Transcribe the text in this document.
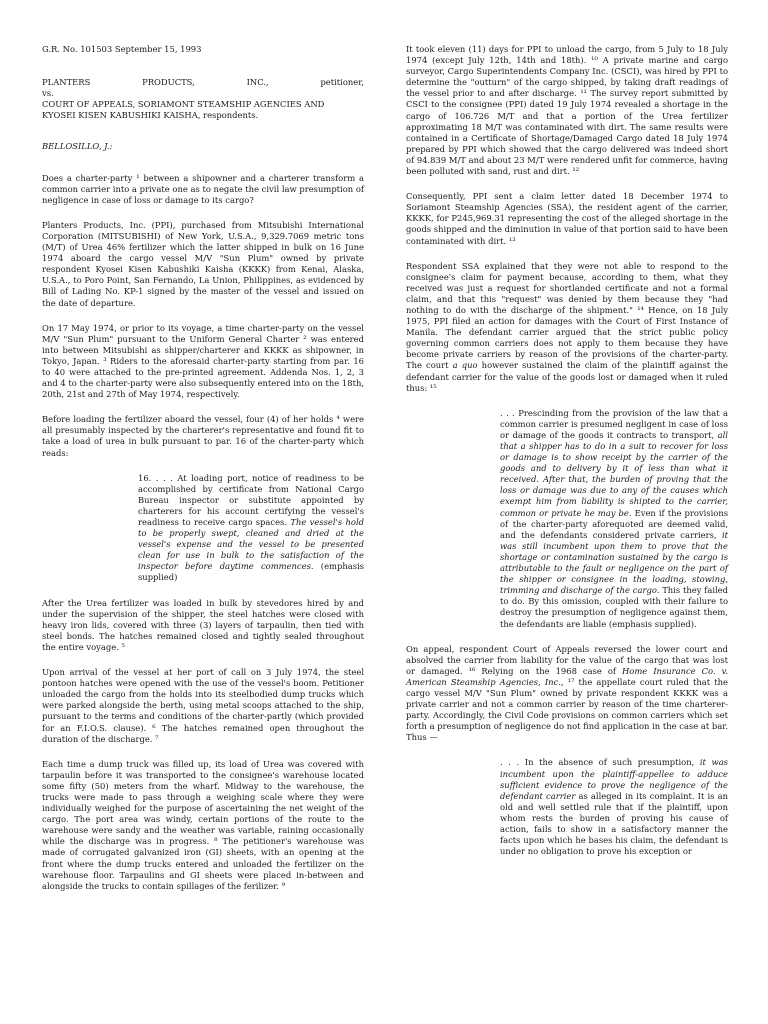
G.R. No. 101503 September 15, 1993

PLANTERS	PRODUCTS,	INC.,	petitioner,

vs.

COURT OF APPEALS, SORIAMONT STEAMSHIP AGENCIES AND

KYOSEI KISEN KABUSHIKI KAISHA, respondents.

BELLOSILLO, J.:

Does a charter-party ¹ between a shipowner and a charterer transform a common carrier into a private one as to negate the civil law presumption of negligence in case of loss or damage to its cargo?

Planters Products, Inc. (PPI), purchased from Mitsubishi International Corporation (MITSUBISHI) of New York, U.S.A., 9,329.7069 metric tons (M/T) of Urea 46% fertilizer which the latter shipped in bulk on 16 June 1974 aboard the cargo vessel M/V "Sun Plum" owned by private respondent Kyosei Kisen Kabushiki Kaisha (KKKK) from Kenai, Alaska, U.S.A., to Poro Point, San Fernando, La Union, Philippines, as evidenced by Bill of Lading No. KP-1 signed by the master of the vessel and issued on the date of departure.

On 17 May 1974, or prior to its voyage, a time charter-party on the vessel M/V "Sun Plum" pursuant to the Uniform General Charter ² was entered into between Mitsubishi as shipper/charterer and KKKK as shipowner, in Tokyo, Japan. ³ Riders to the aforesaid charter-party starting from par. 16 to 40 were attached to the pre-printed agreement. Addenda Nos. 1, 2, 3 and 4 to the charter-party were also subsequently entered into on the 18th, 20th, 21st and 27th of May 1974, respectively.

Before loading the fertilizer aboard the vessel, four (4) of her holds ⁴ were all presumably inspected by the charterer's representative and found fit to take a load of urea in bulk pursuant to par. 16 of the charter-party which reads:

16. . . . At loading port, notice of readiness to be accomplished by certificate from National Cargo Bureau inspector or substitute appointed by charterers for his account certifying the vessel's readiness to receive cargo spaces. The vessel's hold to be properly swept, cleaned and dried at the vessel's expense and the vessel to be presented clean for use in bulk to the satisfaction of the inspector before daytime commences. (emphasis supplied)

After the Urea fertilizer was loaded in bulk by stevedores hired by and under the supervision of the shipper, the steel hatches were closed with heavy iron lids, covered with three (3) layers of tarpaulin, then tied with steel bonds. The hatches remained closed and tightly sealed throughout the entire voyage. ⁵

Upon arrival of the vessel at her port of call on 3 July 1974, the steel pontoon hatches were opened with the use of the vessel's boom. Petitioner unloaded the cargo from the holds into its steelbodied dump trucks which were parked alongside the berth, using metal scoops attached to the ship, pursuant to the terms and conditions of the charter-partly (which provided for an F.I.O.S. clause). ⁶ The hatches remained open throughout the duration of the discharge. ⁷

Each time a dump truck was filled up, its load of Urea was covered with tarpaulin before it was transported to the consignee's warehouse located some fifty (50) meters from the wharf. Midway to the warehouse, the trucks were made to pass through a weighing scale where they were individually weighed for the purpose of ascertaining the net weight of the cargo. The port area was windy, certain portions of the route to the warehouse were sandy and the weather was variable, raining occasionally while the discharge was in progress. ⁸ The petitioner's warehouse was made of corrugated galvanized iron (GI) sheets, with an opening at the front where the dump trucks entered and unloaded the fertilizer on the warehouse floor. Tarpaulins and GI sheets were placed in-between and alongside the trucks to contain spillages of the ferilizer. ⁹

It took eleven (11) days for PPI to unload the cargo, from 5 July to 18 July 1974 (except July 12th, 14th and 18th). ¹⁰ A private marine and cargo surveyor, Cargo Superintendents Company Inc. (CSCI), was hired by PPI to determine the "outturn" of the cargo shipped, by taking draft readings of the vessel prior to and after discharge. ¹¹ The survey report submitted by CSCI to the consignee (PPI) dated 19 July 1974 revealed a shortage in the cargo of 106.726 M/T and that a portion of the Urea fertilizer approximating 18 M/T was contaminated with dirt. The same results were contained in a Certificate of Shortage/Damaged Cargo dated 18 July 1974 prepared by PPI which showed that the cargo delivered was indeed short of 94.839 M/T and about 23 M/T were rendered unfit for commerce, having been polluted with sand, rust and dirt. ¹²

Consequently, PPI sent a claim letter dated 18 December 1974 to Soriamont Steamship Agencies (SSA), the resident agent of the carrier, KKKK, for P245,969.31 representing the cost of the alleged shortage in the goods shipped and the diminution in value of that portion said to have been contaminated with dirt. ¹³

Respondent SSA explained that they were not able to respond to the consignee's claim for payment because, according to them, what they received was just a request for shortlanded certificate and not a formal claim, and that this "request" was denied by them because they "had nothing to do with the discharge of the shipment." ¹⁴ Hence, on 18 July 1975, PPI filed an action for damages with the Court of First Instance of Manila. The defendant carrier argued that the strict public policy governing common carriers does not apply to them because they have become private carriers by reason of the provisions of the charter-party. The court a quo however sustained the claim of the plaintiff against the defendant carrier for the value of the goods lost or damaged when it ruled thus: ¹⁵

. . . Prescinding from the provision of the law that a common carrier is presumed negligent in case of loss or damage of the goods it contracts to transport, all that a shipper has to do in a suit to recover for loss or damage is to show receipt by the carrier of the goods and to delivery by it of less than what it received. After that, the burden of proving that the loss or damage was due to any of the causes which exempt him from liability is shipted to the carrier, common or private he may be. Even if the provisions of the charter-party aforequoted are deemed valid, and the defendants considered private carriers, it was still incumbent upon them to prove that the shortage or contamination sustained by the cargo is attributable to the fault or negligence on the part of the shipper or consignee in the loading, stowing, trimming and discharge of the cargo. This they failed to do. By this omission, coupled with their failure to destroy the presumption of negligence against them, the defendants are liable (emphasis supplied).

On appeal, respondent Court of Appeals reversed the lower court and absolved the carrier from liability for the value of the cargo that was lost or damaged. ¹⁶ Relying on the 1968 case of Home Insurance Co. v. American Steamship Agencies, Inc., ¹⁷ the appellate court ruled that the cargo vessel M/V "Sun Plum" owned by private respondent KKKK was a private carrier and not a common carrier by reason of the time charterer-party. Accordingly, the Civil Code provisions on common carriers which set forth a presumption of negligence do not find application in the case at bar. Thus —

. . . In the absence of such presumption, it was incumbent upon the plaintiff-appellee to adduce sufficient evidence to prove the negligence of the defendant carrier as alleged in its complaint. It is an old and well settled rule that if the plaintiff, upon whom rests the burden of proving his cause of action, fails to show in a satisfactory manner the facts upon which he bases his claim, the defendant is under no obligation to prove his exception or
